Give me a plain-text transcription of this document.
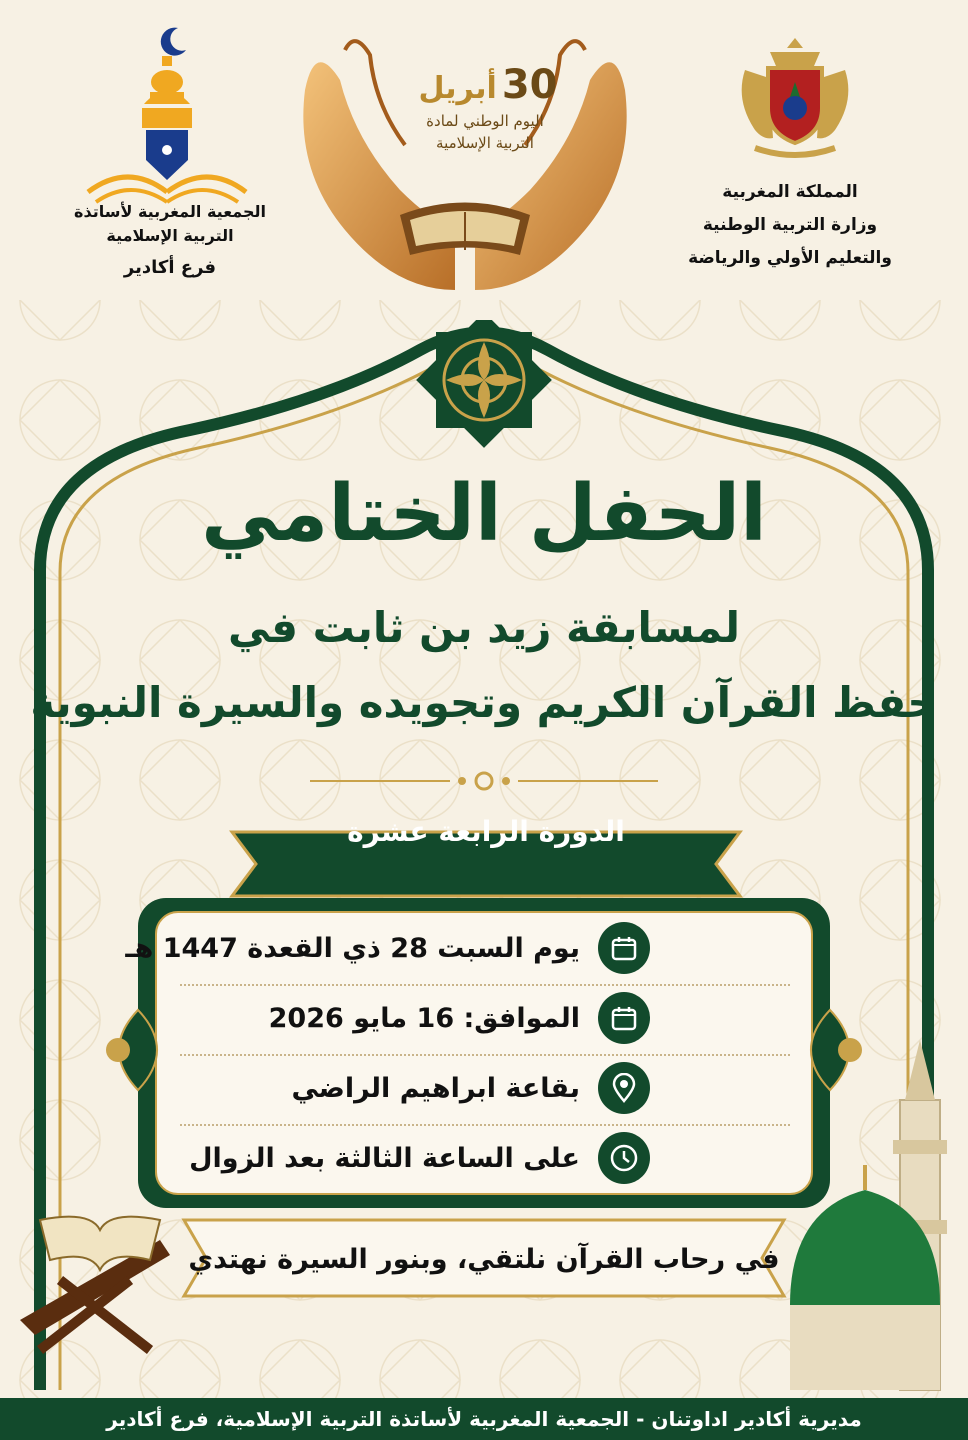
الجمعية المغربية لأساتذة
التربية الإسلامية
فرع أكادير
30 أبريل
اليوم الوطني لمادة
التربية الإسلامية
المملكة المغربية
وزارة التربية الوطنية
والتعليم الأولي والرياضة
الحفل الختامي
لمسابقة زيد بن ثابت في
حفظ القرآن الكريم وتجويده والسيرة النبوية
الدورة الرابعة عشرة
يوم السبت 28 ذي القعدة 1447 هـ
الموافق: 16 مايو 2026
بقاعة ابراهيم الراضي
على الساعة الثالثة بعد الزوال
في رحاب القرآن نلتقي، وبنور السيرة نهتدي
مديرية أكادير اداوتنان - الجمعية المغربية لأساتذة التربية الإسلامية، فرع أكادير
